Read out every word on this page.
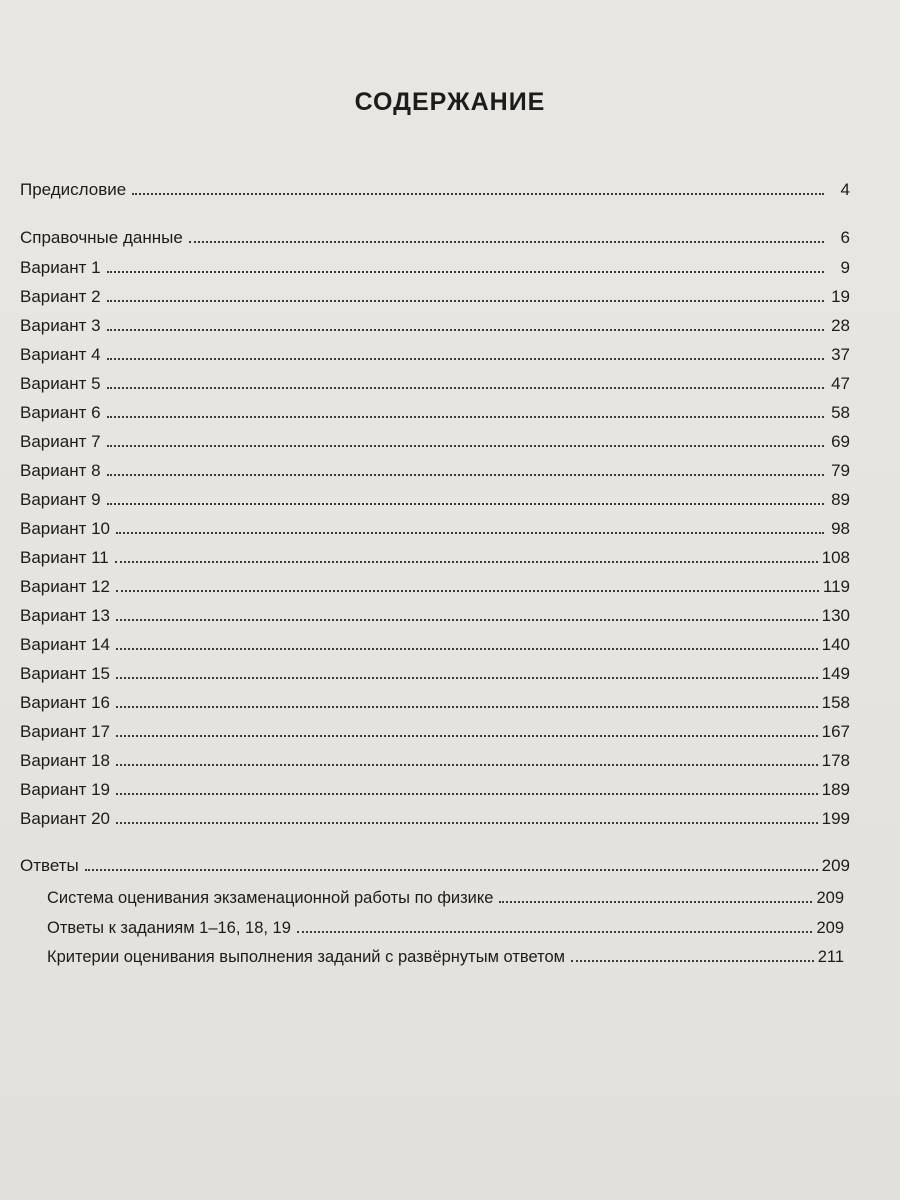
СОДЕРЖАНИЕ
Предисловие	4
Справочные данные	6
Вариант 1	9
Вариант 2	19
Вариант 3	28
Вариант 4	37
Вариант 5	47
Вариант 6	58
Вариант 7	69
Вариант 8	79
Вариант 9	89
Вариант 10	98
Вариант 11	108
Вариант 12	119
Вариант 13	130
Вариант 14	140
Вариант 15	149
Вариант 16	158
Вариант 17	167
Вариант 18	178
Вариант 19	189
Вариант 20	199
Ответы	209
Система оценивания экзаменационной работы по физике	209
Ответы к заданиям 1–16, 18, 19	209
Критерии оценивания выполнения заданий с развёрнутым ответом	211
